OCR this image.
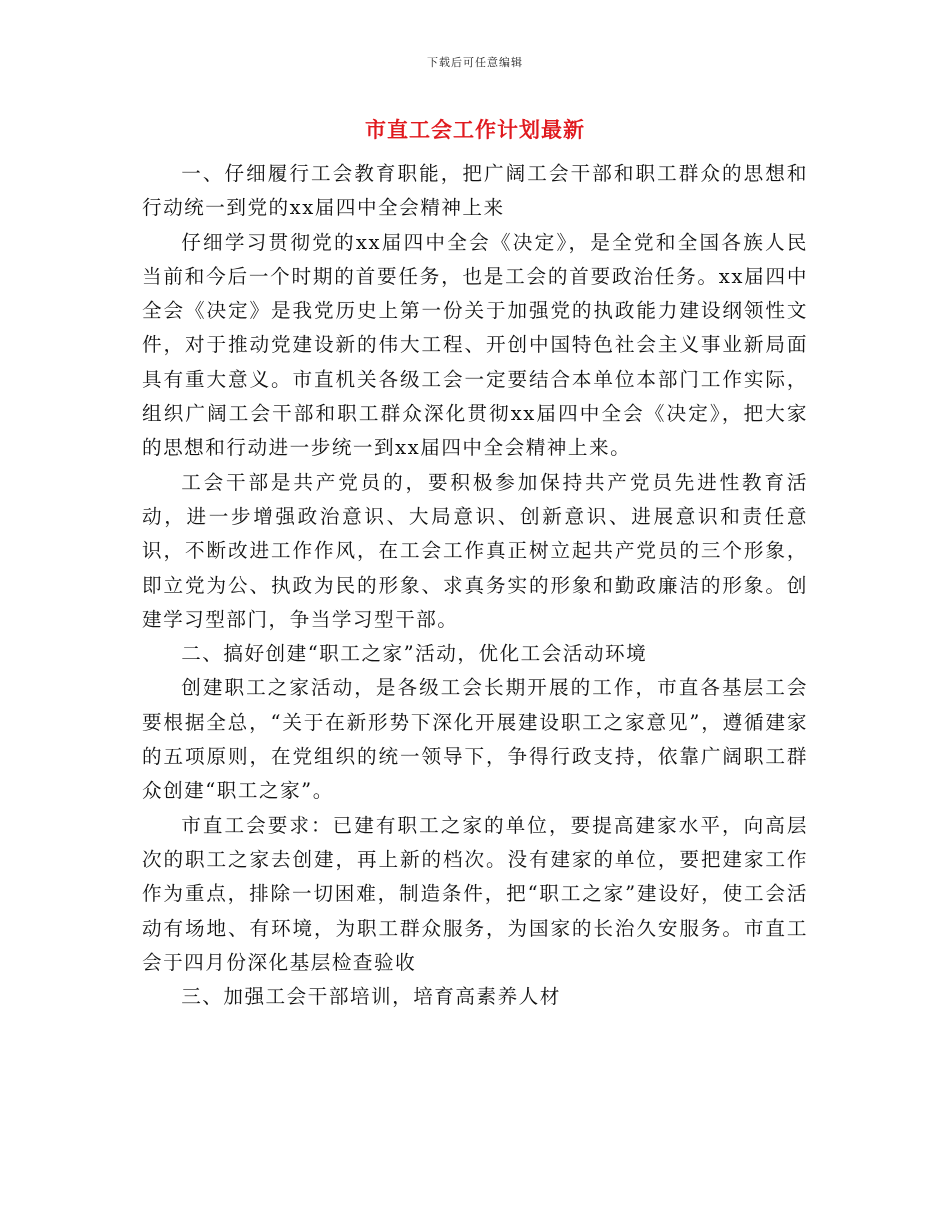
下载后可任意编辑
市直工会工作计划最新

一、仔细履行工会教育职能，把广阔工会干部和职工群众的思想和行动统一到党的xx届四中全会精神上来

仔细学习贯彻党的xx届四中全会《决定》，是全党和全国各族人民当前和今后一个时期的首要任务，也是工会的首要政治任务。xx届四中全会《决定》是我党历史上第一份关于加强党的执政能力建设纲领性文件，对于推动党建设新的伟大工程、开创中国特色社会主义事业新局面具有重大意义。市直机关各级工会一定要结合本单位本部门工作实际，组织广阔工会干部和职工群众深化贯彻xx届四中全会《决定》，把大家的思想和行动进一步统一到xx届四中全会精神上来。

工会干部是共产党员的，要积极参加保持共产党员先进性教育活动，进一步增强政治意识、大局意识、创新意识、进展意识和责任意识，不断改进工作作风，在工会工作真正树立起共产党员的三个形象，即立党为公、执政为民的形象、求真务实的形象和勤政廉洁的形象。创建学习型部门，争当学习型干部。

二、搞好创建“职工之家”活动，优化工会活动环境

创建职工之家活动，是各级工会长期开展的工作，市直各基层工会要根据全总，“关于在新形势下深化开展建设职工之家意见”，遵循建家的五项原则，在党组织的统一领导下，争得行政支持，依靠广阔职工群众创建“职工之家”。

市直工会要求：已建有职工之家的单位，要提高建家水平，向高层次的职工之家去创建，再上新的档次。没有建家的单位，要把建家工作作为重点，排除一切困难，制造条件，把“职工之家”建设好，使工会活动有场地、有环境，为职工群众服务，为国家的长治久安服务。市直工会于四月份深化基层检查验收

三、加强工会干部培训，培育高素养人材
